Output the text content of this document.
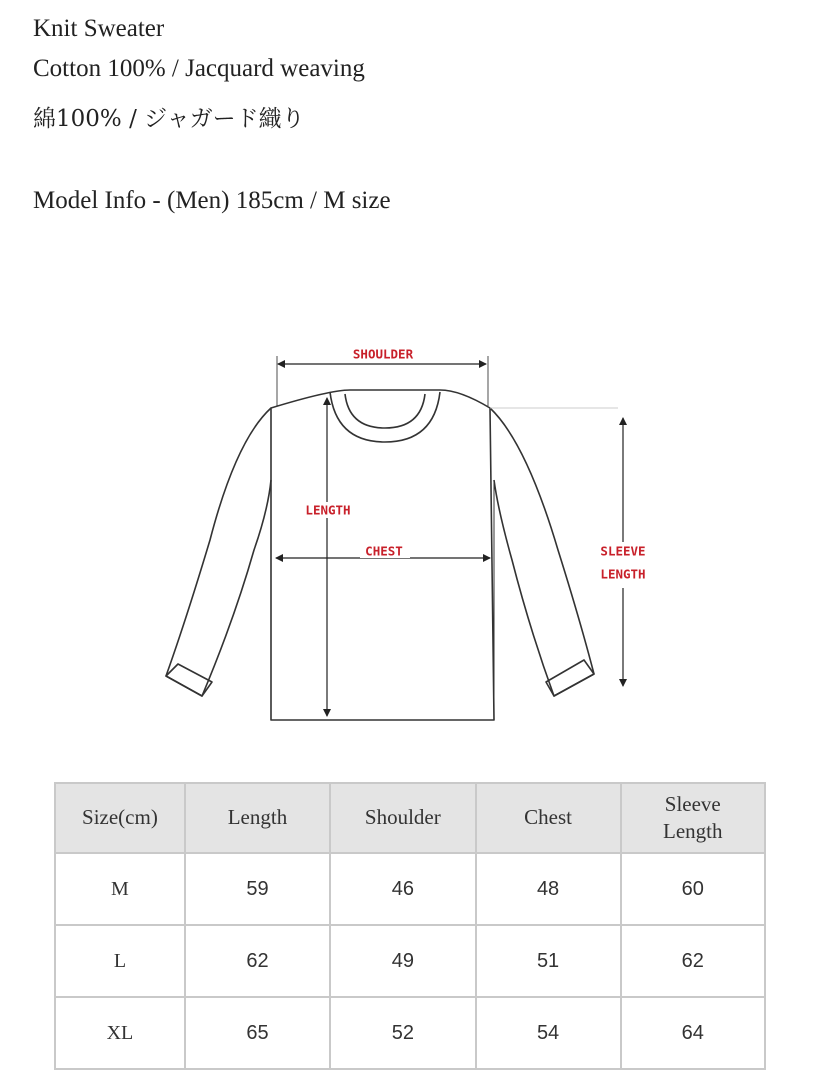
Knit Sweater
Cotton 100% / Jacquard weaving
綿100% / ジャガード織り
Model Info - (Men) 185cm / M size
SHOULDER
LENGTH
CHEST	SLEEVE
LENGTH
Size(cm)	Length	Shoulder	Chest	Sleeve Length
M	59	46	48	60
L	62	49	51	62
XL	65	52	54	64
